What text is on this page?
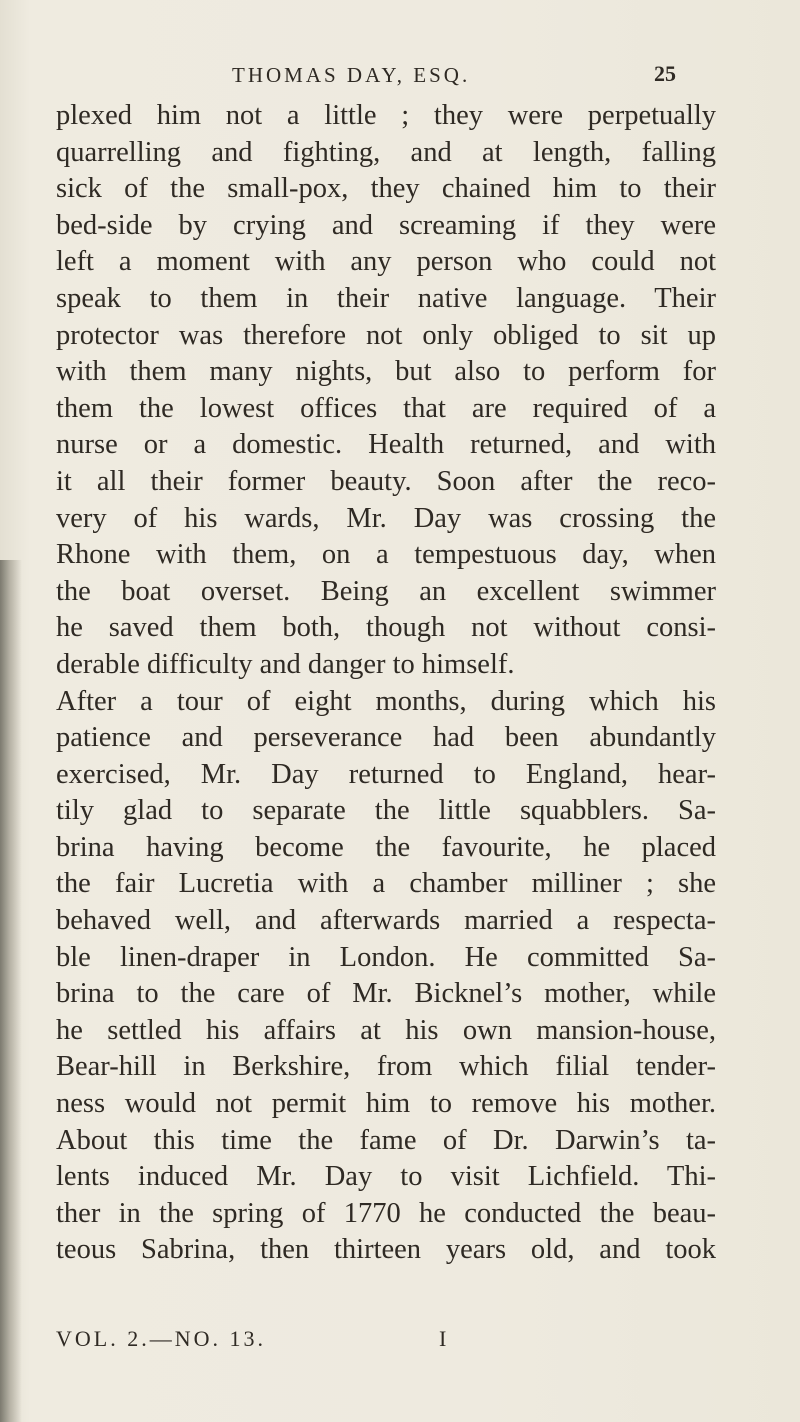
THOMAS DAY, ESQ.	25
plexed him not a little ; they were perpetually
quarrelling and fighting, and at length, falling
sick of the small-pox, they chained him to their
bed-side by crying and screaming if they were
left a moment with any person who could not
speak to them in their native language. Their
protector was therefore not only obliged to sit up
with them many nights, but also to perform for
them the lowest offices that are required of a
nurse or a domestic. Health returned, and with
it all their former beauty. Soon after the reco-
very of his wards, Mr. Day was crossing the
Rhone with them, on a tempestuous day, when
the boat overset. Being an excellent swimmer
he saved them both, though not without consi-
derable difficulty and danger to himself.
After a tour of eight months, during which his
patience and perseverance had been abundantly
exercised, Mr. Day returned to England, hear-
tily glad to separate the little squabblers. Sa-
brina having become the favourite, he placed
the fair Lucretia with a chamber milliner ; she
behaved well, and afterwards married a respecta-
ble linen-draper in London. He committed Sa-
brina to the care of Mr. Bicknel’s mother, while
he settled his affairs at his own mansion-house,
Bear-hill in Berkshire, from which filial tender-
ness would not permit him to remove his mother.
About this time the fame of Dr. Darwin’s ta-
lents induced Mr. Day to visit Lichfield. Thi-
ther in the spring of 1770 he conducted the beau-
teous Sabrina, then thirteen years old, and took
VOL. 2.—NO. 13.	I
